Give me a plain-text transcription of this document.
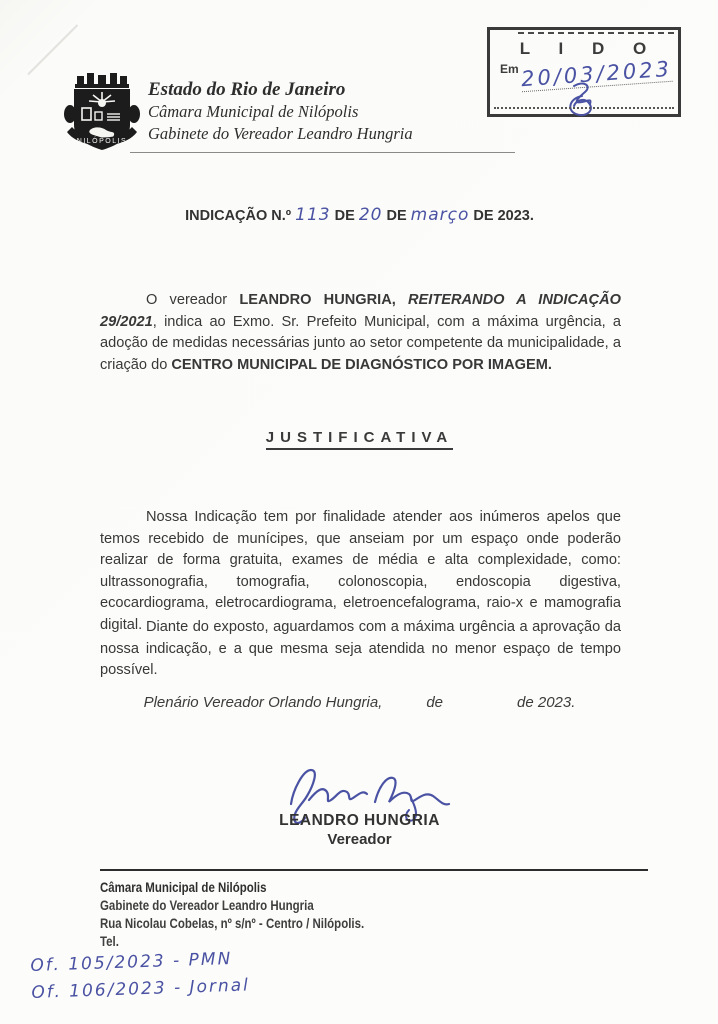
L I D O
$^{Em}$20/03/2023
NILÓPOLIS
Estado do Rio de Janeiro
Câmara Municipal de Nilópolis
Gabinete do Vereador Leandro Hungria
INDICAÇÃO N.º 113 DE 20 DE março DE 2023.
O vereador LEANDRO HUNGRIA, REITERANDO A INDICAÇÃO 29/2021, indica ao Exmo. Sr. Prefeito Municipal, com a máxima urgência, a adoção de medidas necessárias junto ao setor competente da municipalidade, a criação do CENTRO MUNICIPAL DE DIAGNÓSTICO POR IMAGEM.
JUSTIFICATIVA
Nossa Indicação tem por finalidade atender aos inúmeros apelos que temos recebido de munícipes, que anseiam por um espaço onde poderão realizar de forma gratuita, exames de média e alta complexidade, como: ultrassonografia, tomografia, colonoscopia, endoscopia digestiva, ecocardiograma, eletrocardiograma, eletroencefalograma, raio-x e mamografia digital. Diante do exposto, aguardamos com a máxima urgência a aprovação da nossa indicação, e a que mesma seja atendida no menor espaço de tempo possível.
Plenário Vereador Orlando Hungria,	de	de 2023.
LEANDRO HUNGRIA
Vereador
Câmara Municipal de Nilópolis
Gabinete do Vereador Leandro Hungria
Rua Nicolau Cobelas, nº s/nº - Centro / Nilópolis.
Tel.
Of. 105/2023 - PMN
Of. 106/2023 - Jornal
